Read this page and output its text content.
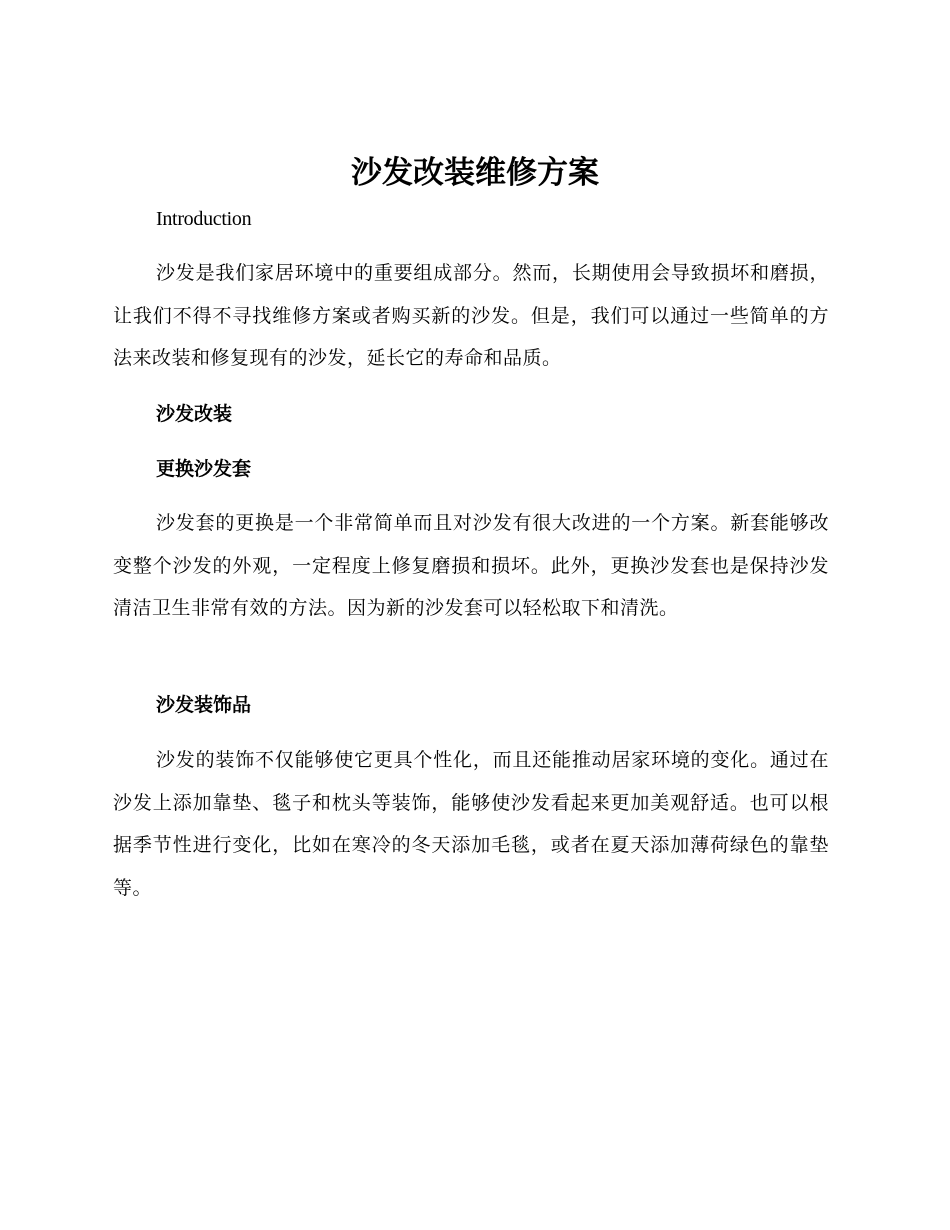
沙发改装维修方案

Introduction

沙发是我们家居环境中的重要组成部分。然而，长期使用会导致损坏和磨损，让我们不得不寻找维修方案或者购买新的沙发。但是，我们可以通过一些简单的方法来改装和修复现有的沙发，延长它的寿命和品质。

沙发改装

更换沙发套

沙发套的更换是一个非常简单而且对沙发有很大改进的一个方案。新套能够改变整个沙发的外观，一定程度上修复磨损和损坏。此外，更换沙发套也是保持沙发清洁卫生非常有效的方法。因为新的沙发套可以轻松取下和清洗。

沙发装饰品

沙发的装饰不仅能够使它更具个性化，而且还能推动居家环境的变化。通过在沙发上添加靠垫、毯子和枕头等装饰，能够使沙发看起来更加美观舒适。也可以根据季节性进行变化，比如在寒冷的冬天添加毛毯，或者在夏天添加薄荷绿色的靠垫等。
